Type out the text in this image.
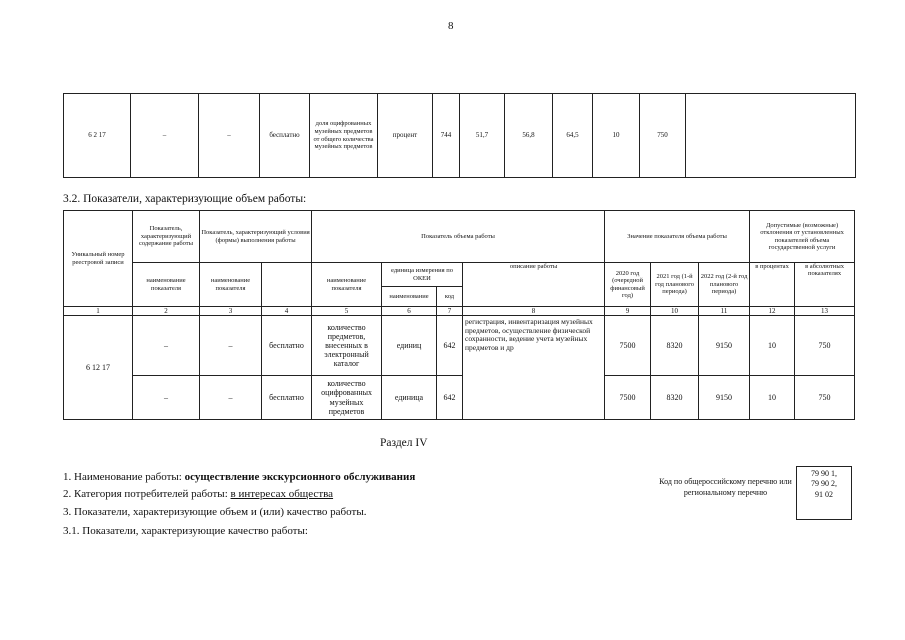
8
6 2 17	–	–	бесплатно	доля оцифрованных музейных предметов от общего количества музейных предметов	процент	744	51,7	56,8	64,5	10	750	
3.2. Показатели, характеризующие объем работы:
Уникальный номер реестровой записи	Показатель, характеризующий содержание работы	Показатель, характеризующий условия (формы) выполнения работы		Показатель объема работы				Значение показателя объема работы			Допустимые (возможные) отклонения от установленных показателей объема государственной услуги	
	наименование показателя	наименование показателя		наименование показателя	единица измерения по ОКЕИ		описание работы	2020 год (очередной финансовый год)	2021 год (1-й год планового периода)	2022 год (2-й год планового периода)	в процентах	в абсолютных показателях
					наименование	код						
1	2	3	4	5	6	7	8	9	10	11	12	13
6 12 17	–	–	бесплатно	количество предметов, внесенных в электронный каталог	единиц	642	регистрация, инвентаризация музейных предметов, осуществление физической сохранности, ведение учета музейных предметов и др	7500	8320	9150	10	750
	–	–	бесплатно	количество оцифрованных музейных предметов	единица	642		7500	8320	9150	10	750
Раздел IV
1. Наименование работы: осуществление экскурсионного обслуживания
2. Категория потребителей работы: в интересах общества
3. Показатели, характеризующие объем и (или) качество работы.
3.1. Показатели, характеризующие качество работы:
Код по общероссийскому перечню или региональному перечню
79 90 1,
79 90 2,
91 02
